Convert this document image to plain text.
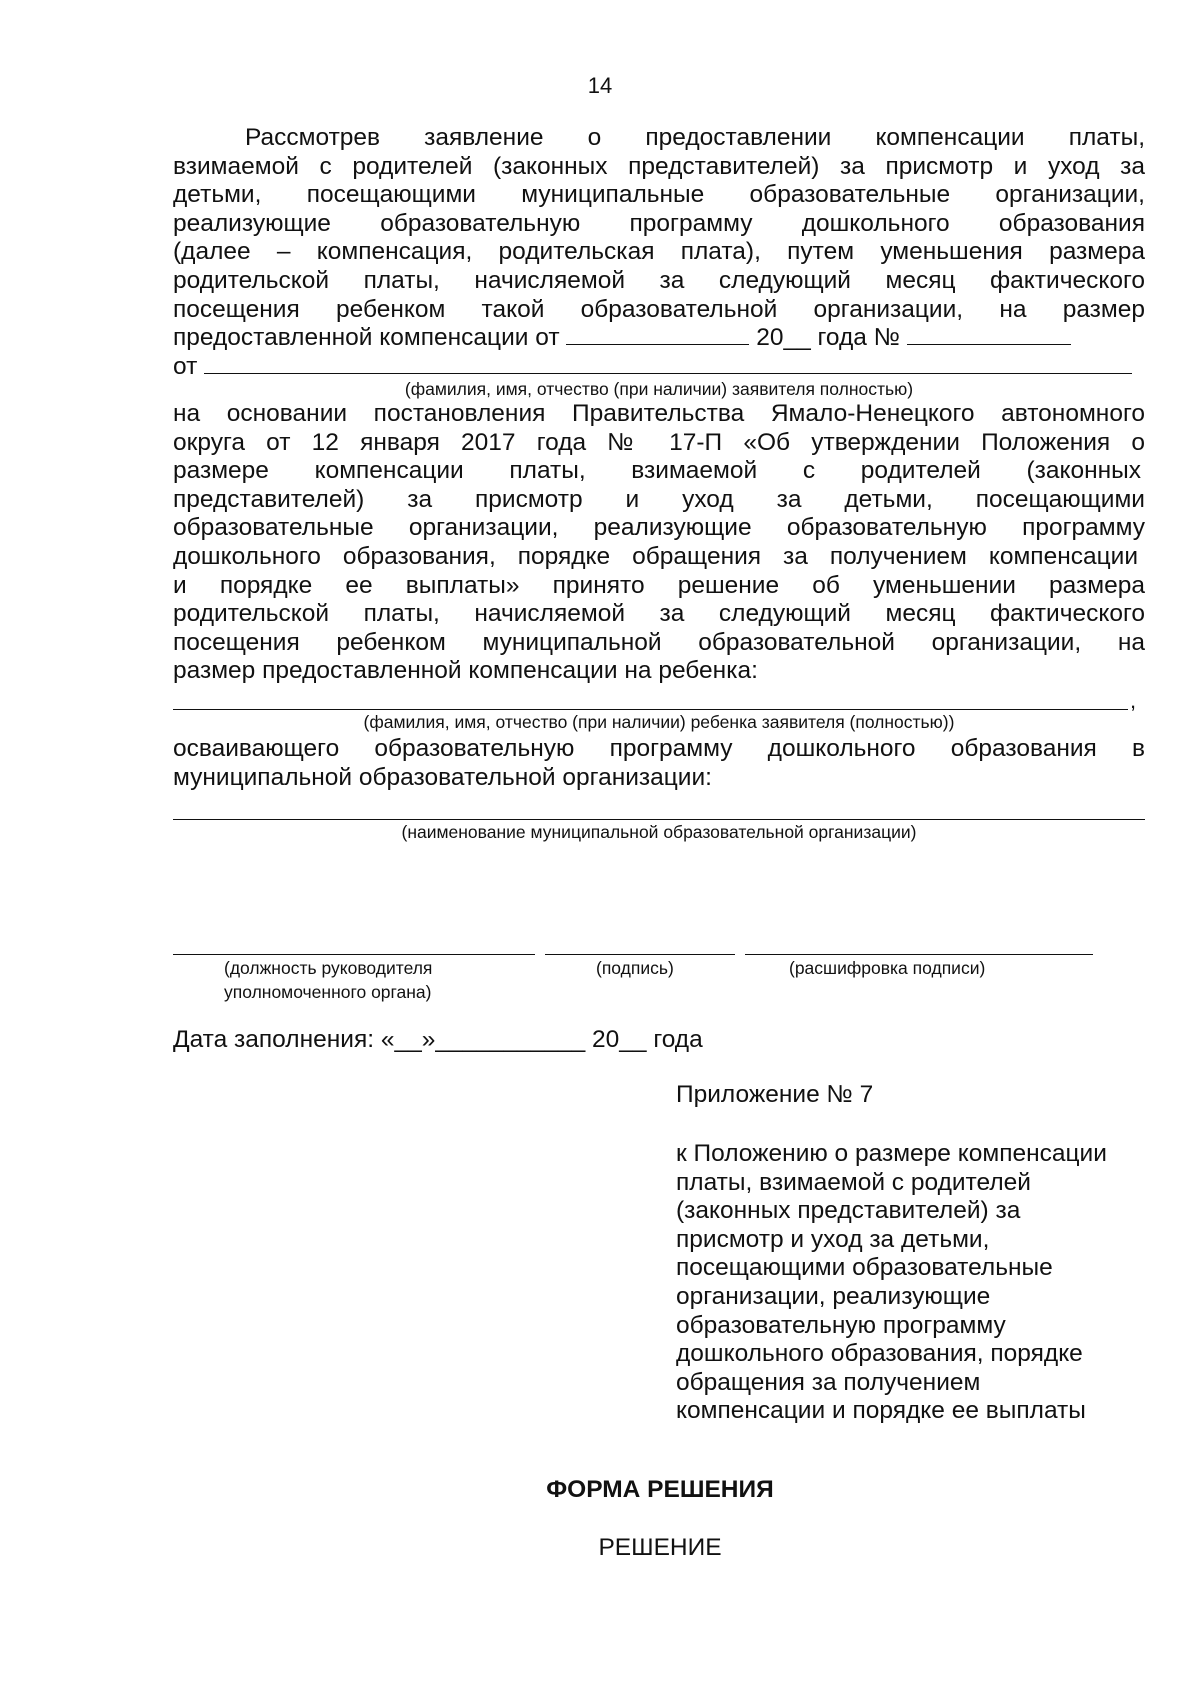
14
Рассмотрев заявление о предоставлении компенсации платы,
взимаемой с родителей (законных представителей) за присмотр и уход за
детьми, посещающими муниципальные образовательные организации,
реализующие образовательную программу дошкольного образования
(далее – компенсация, родительская плата), путем уменьшения размера
родительской платы, начисляемой за следующий месяц фактического
посещения ребенком такой образовательной организации, на размер
предоставленной компенсации от	20__ года №
от
(фамилия, имя, отчество (при наличии) заявителя полностью)
на основании постановления Правительства Ямало-Ненецкого автономного
округа от 12 января 2017 года № 17-П «Об утверждении Положения о
размере компенсации платы, взимаемой с родителей (законных
представителей) за присмотр и уход за детьми, посещающими
образовательные организации, реализующие образовательную программу
дошкольного образования, порядке обращения за получением компенсации
и порядке ее выплаты» принято решение об уменьшении размера
родительской платы, начисляемой за следующий месяц фактического
посещения ребенком муниципальной образовательной организации, на
размер предоставленной компенсации на ребенка:
,
(фамилия, имя, отчество (при наличии) ребенка заявителя (полностью))
осваивающего образовательную программу дошкольного образования в
муниципальной образовательной организации:
(наименование муниципальной образовательной организации)
(должность руководителя
уполномоченного органа)
(подпись)	(расшифровка подписи)
Дата заполнения: «__»___________ 20__ года
Приложение № 7
к Положению о размере компенсации
платы, взимаемой с родителей
(законных представителей) за
присмотр и уход за детьми,
посещающими образовательные
организации, реализующие
образовательную программу
дошкольного образования, порядке
обращения за получением
компенсации и порядке ее выплаты
ФОРМА РЕШЕНИЯ
РЕШЕНИЕ
